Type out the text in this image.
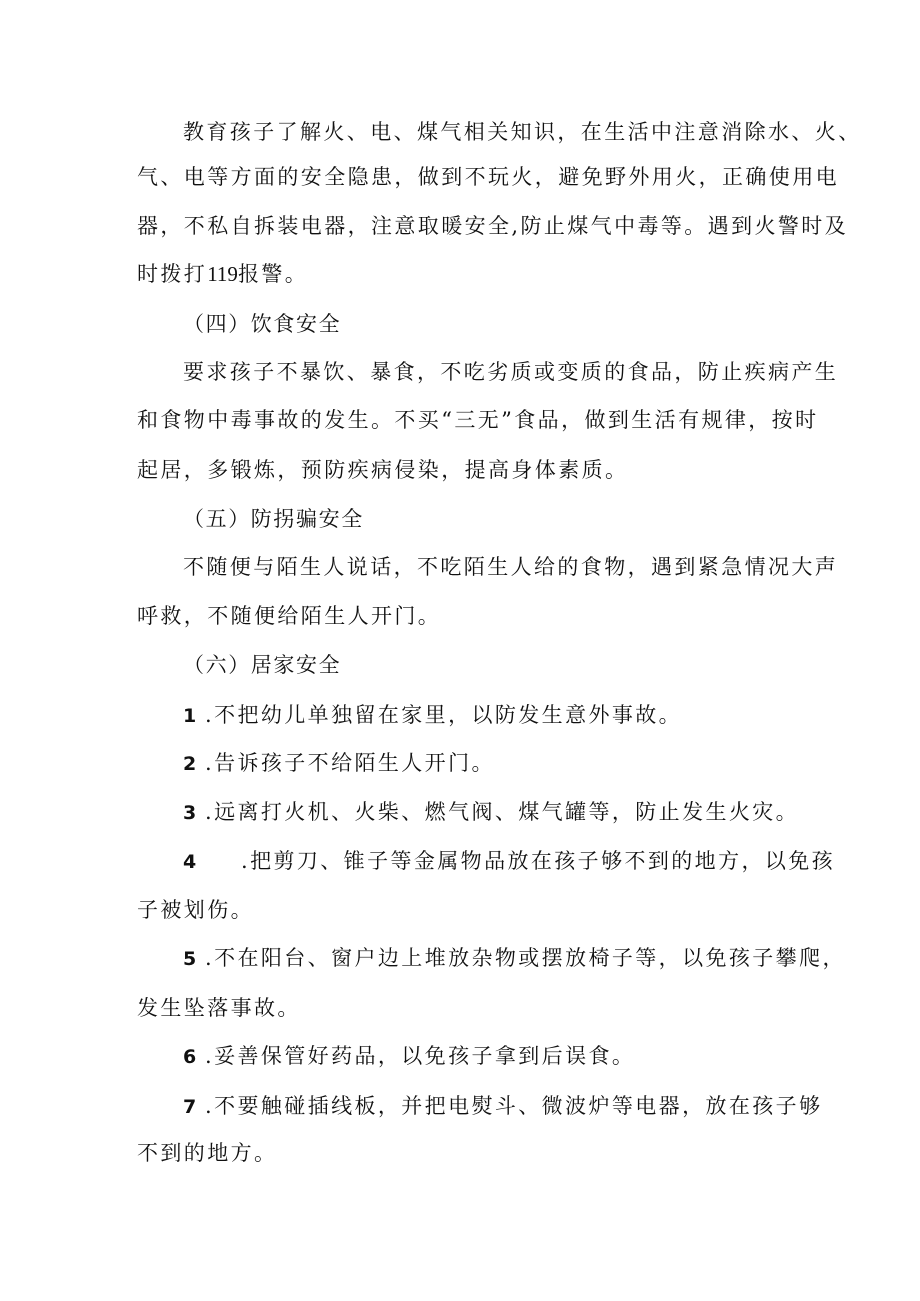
教育孩子了解火、电、煤气相关知识，在生活中注意消除水、火、
气、电等方面的安全隐患，做到不玩火，避免野外用火，正确使用电
器，不私自拆装电器，注意取暖安全,防止煤气中毒等。遇到火警时及
时拨打119报警。
（四）饮食安全
要求孩子不暴饮、暴食，不吃劣质或变质的食品，防止疾病产生
和食物中毒事故的发生。不买“三无”食品，做到生活有规律，按时
起居，多锻炼，预防疾病侵染，提高身体素质。
（五）防拐骗安全
不随便与陌生人说话，不吃陌生人给的食物，遇到紧急情况大声
呼救，不随便给陌生人开门。
（六）居家安全
1 .不把幼儿单独留在家里，以防发生意外事故。
2 .告诉孩子不给陌生人开门。
3 .远离打火机、火柴、燃气阀、煤气罐等，防止发生火灾。
4 .把剪刀、锥子等金属物品放在孩子够不到的地方，以免孩
子被划伤。
5 .不在阳台、窗户边上堆放杂物或摆放椅子等，以免孩子攀爬，
发生坠落事故。
6 .妥善保管好药品，以免孩子拿到后误食。
7 .不要触碰插线板，并把电熨斗、微波炉等电器，放在孩子够
不到的地方。
